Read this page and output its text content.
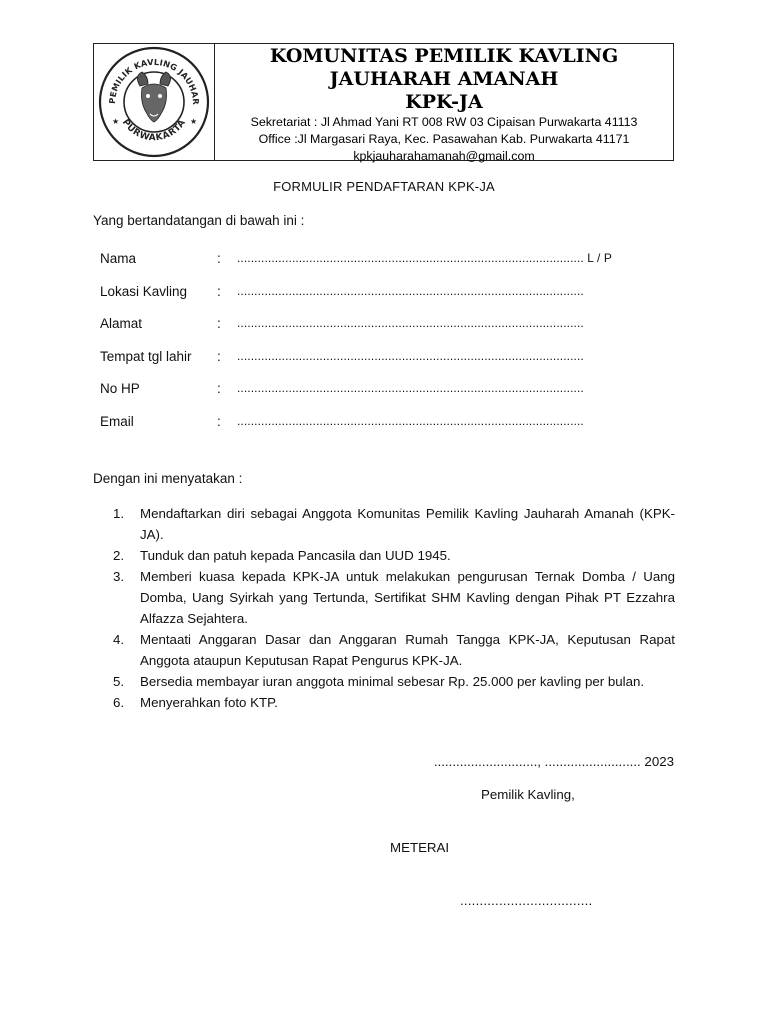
PEMILIK KAVLING JAUHAR
PURWAKARTA
★	★
KOMUNITAS PEMILIK KAVLING
JAUHARAH AMANAH
KPK-JA
Sekretariat : Jl Ahmad Yani RT 008 RW 03 Cipaisan Purwakarta 41113
Office :Jl Margasari Raya, Kec. Pasawahan Kab. Purwakarta 41171
kpkjauharahamanah@gmail.com
FORMULIR PENDAFTARAN KPK-JA
Yang bertandatangan di bawah ini :
Nama	: ..................................................................................................... L / P
Lokasi Kavling : .....................................................................................................
Alamat	: .....................................................................................................
Tempat tgl lahir : .....................................................................................................
No HP	: .....................................................................................................
Email	: .....................................................................................................
Dengan ini menyatakan :
1.	Mendaftarkan diri sebagai Anggota Komunitas Pemilik Kavling Jauharah Amanah (KPK-JA).
2.	Tunduk dan patuh kepada Pancasila dan UUD 1945.
3.	Memberi kuasa kepada KPK-JA untuk melakukan pengurusan Ternak Domba / Uang Domba, Uang Syirkah yang Tertunda, Sertifikat SHM Kavling dengan Pihak PT Ezzahra Alfazza Sejahtera.
4.	Mentaati Anggaran Dasar dan Anggaran Rumah Tangga KPK-JA, Keputusan Rapat Anggota ataupun Keputusan Rapat Pengurus KPK-JA.
5.	Bersedia membayar iuran anggota minimal sebesar Rp. 25.000 per kavling per bulan.
6.	Menyerahkan foto KTP.
............................, .......................... 2023
Pemilik Kavling,
METERAI
..................................
